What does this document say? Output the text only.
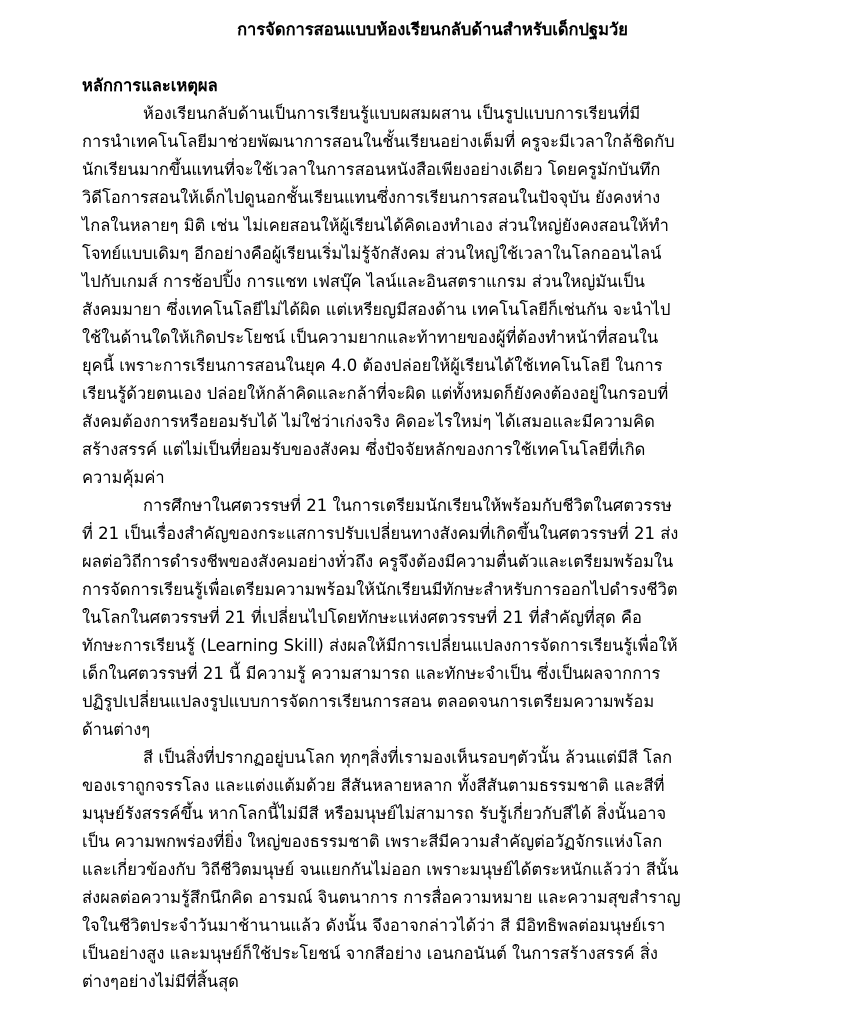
การจัดการสอนแบบห้องเรียนกลับด้านสำหรับเด็กปฐมวัย
หลักการและเหตุผล
ห้องเรียนกลับด้านเป็นการเรียนรู้แบบผสมผสาน เป็นรูปแบบการเรียนที่มี
การนำเทคโนโลยีมาช่วยพัฒนาการสอนในชั้นเรียนอย่างเต็มที่ ครูจะมีเวลาใกล้ชิดกับ
นักเรียนมากขึ้นแทนที่จะใช้เวลาในการสอนหนังสือเพียงอย่างเดียว โดยครูมักบันทึก
วิดีโอการสอนให้เด็กไปดูนอกชั้นเรียนแทนซึ่งการเรียนการสอนในปัจจุบัน ยังคงห่าง
ไกลในหลายๆ มิติ เช่น ไม่เคยสอนให้ผู้เรียนได้คิดเองทำเอง ส่วนใหญ่ยังคงสอนให้ทำ
โจทย์แบบเดิมๆ อีกอย่างคือผู้เรียนเริ่มไม่รู้จักสังคม ส่วนใหญ่ใช้เวลาในโลกออนไลน์
ไปกับเกมส์ การช้อปปิ้ง การแชท เฟสบุ๊ค ไลน์และอินสตราแกรม ส่วนใหญ่มันเป็น
สังคมมายา ซึ่งเทคโนโลยีไม่ได้ผิด แต่เหรียญมีสองด้าน เทคโนโลยีก็เช่นกัน จะนำไป
ใช้ในด้านใดให้เกิดประโยชน์ เป็นความยากและท้าทายของผู้ที่ต้องทำหน้าที่สอนใน
ยุคนี้ เพราะการเรียนการสอนในยุค 4.0 ต้องปล่อยให้ผู้เรียนได้ใช้เทคโนโลยี ในการ
เรียนรู้ด้วยตนเอง ปล่อยให้กล้าคิดและกล้าที่จะผิด แต่ทั้งหมดก็ยังคงต้องอยู่ในกรอบที่
สังคมต้องการหรือยอมรับได้ ไม่ใช่ว่าเก่งจริง คิดอะไรใหม่ๆ ได้เสมอและมีความคิด
สร้างสรรค์ แต่ไม่เป็นที่ยอมรับของสังคม ซึ่งปัจจัยหลักของการใช้เทคโนโลยีที่เกิด
ความคุ้มค่า
การศึกษาในศตวรรษที่ 21 ในการเตรียมนักเรียนให้พร้อมกับชีวิตในศตวรรษ
ที่ 21 เป็นเรื่องสำคัญของกระแสการปรับเปลี่ยนทางสังคมที่เกิดขึ้นในศตวรรษที่ 21 ส่ง
ผลต่อวิถีการดำรงชีพของสังคมอย่างทั่วถึง ครูจึงต้องมีความตื่นตัวและเตรียมพร้อมใน
การจัดการเรียนรู้เพื่อเตรียมความพร้อมให้นักเรียนมีทักษะสำหรับการออกไปดำรงชีวิต
ในโลกในศตวรรษที่ 21 ที่เปลี่ยนไปโดยทักษะแห่งศตวรรษที่ 21 ที่สำคัญที่สุด คือ
ทักษะการเรียนรู้ (Learning Skill) ส่งผลให้มีการเปลี่ยนแปลงการจัดการเรียนรู้เพื่อให้
เด็กในศตวรรษที่ 21 นี้ มีความรู้ ความสามารถ และทักษะจำเป็น ซึ่งเป็นผลจากการ
ปฏิรูปเปลี่ยนแปลงรูปแบบการจัดการเรียนการสอน ตลอดจนการเตรียมความพร้อม
ด้านต่างๆ
สี เป็นสิ่งที่ปรากฏอยู่บนโลก ทุกๆสิ่งที่เรามองเห็นรอบๆตัวนั้น ล้วนแต่มีสี โลก
ของเราถูกจรรโลง และแต่งแต้มด้วย สีสันหลายหลาก ทั้งสีสันตามธรรมชาติ และสีที่
มนุษย์รังสรรค์ขึ้น หากโลกนี้ไม่มีสี หรือมนุษย์ไม่สามารถ รับรู้เกี่ยวกับสีได้ สิ่งนั้นอาจ
เป็น ความพกพร่องที่ยิ่ง ใหญ่ของธรรมชาติ เพราะสีมีความสำคัญต่อวัฏจักรแห่งโลก
และเกี่ยวข้องกับ วิถีชีวิตมนุษย์ จนแยกกันไม่ออก เพราะมนุษย์ได้ตระหนักแล้วว่า สีนั้น
ส่งผลต่อความรู้สึกนึกคิด อารมณ์ จินตนาการ การสื่อความหมาย และความสุขสำราญ
ใจในชีวิตประจำวันมาช้านานแล้ว ดังนั้น จึงอาจกล่าวได้ว่า สี มีอิทธิพลต่อมนุษย์เรา
เป็นอย่างสูง และมนุษย์ก็ใช้ประโยชน์ จากสีอย่าง เอนกอนันต์ ในการสร้างสรรค์ สิ่ง
ต่างๆอย่างไม่มีที่สิ้นสุด
